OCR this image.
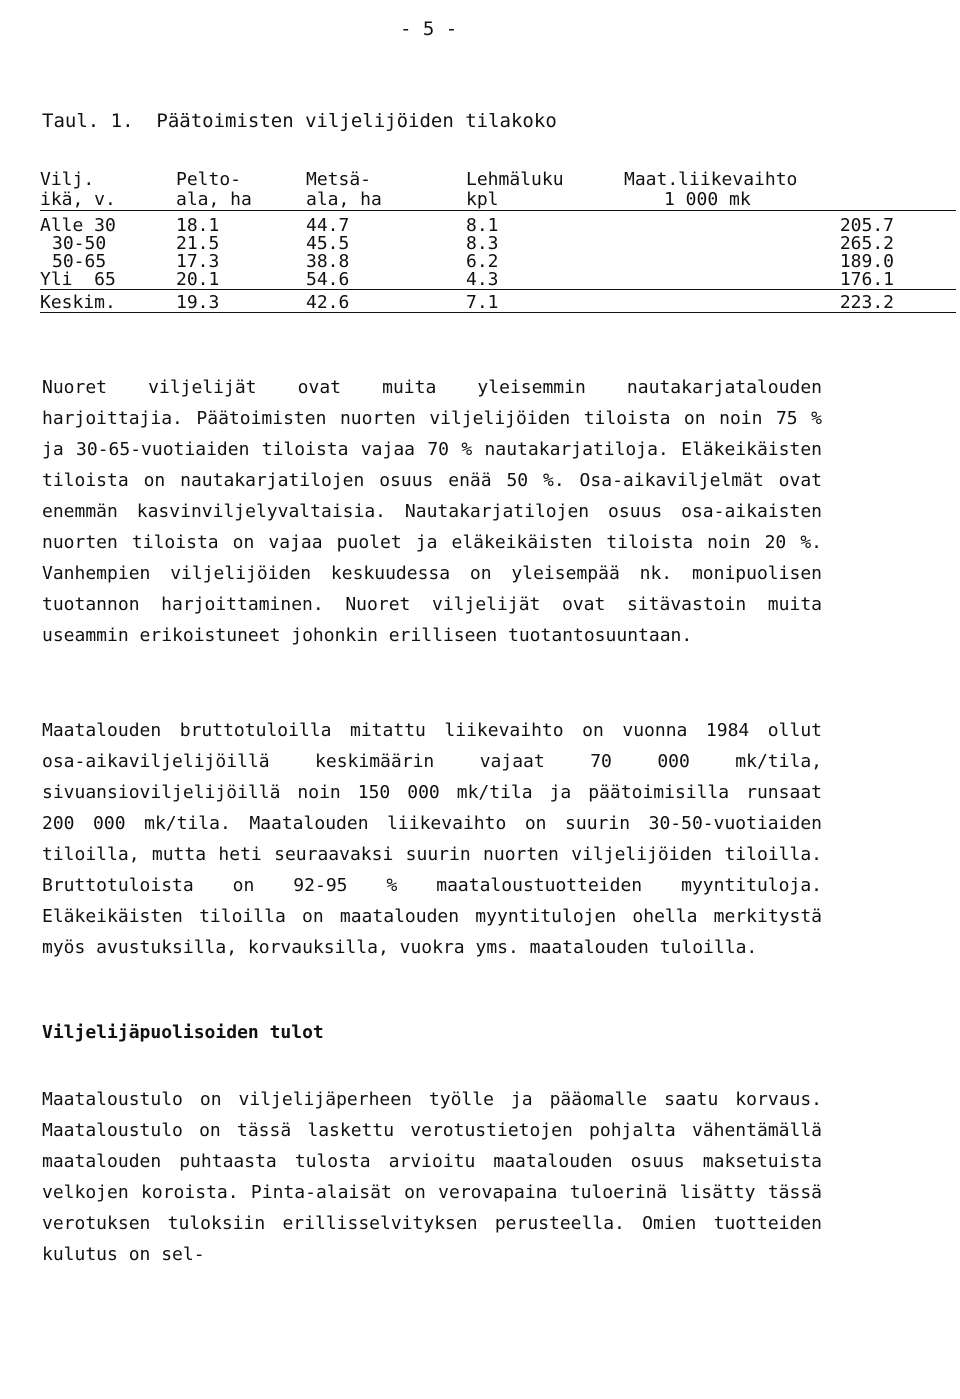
- 5 -
Taul. 1.  Päätoimisten viljelijöiden tilakoko
Vilj.	Pelto-	Metsä-	Lehmäluku	Maat.liikevaihto
ikä, v.	ala, ha	ala, ha	kpl	1 000 mk
Alle 30	18.1	44.7	8.1	205.7
30-50	21.5	45.5	8.3	265.2
50-65	17.3	38.8	6.2	189.0
Yli  65	20.1	54.6	4.3	176.1
Keskim.	19.3	42.6	7.1	223.2

Nuoret viljelijät ovat muita yleisemmin nautakarjatalouden harjoittajia. Päätoimisten nuorten viljelijöiden tiloista on noin 75 % ja 30-65-vuotiaiden tiloista vajaa 70 % nautakarjatiloja. Eläkeikäisten tiloista on nautakarjatilojen osuus enää 50 %. Osa-aikaviljelmät ovat enemmän kasvinviljelyvaltaisia. Nautakarjatilojen osuus osa-aikaisten nuorten tiloista on vajaa puolet ja eläkeikäisten tiloista noin 20 %. Vanhempien viljelijöiden keskuudessa on yleisempää nk. monipuolisen tuotannon harjoittaminen. Nuoret viljelijät ovat sitävastoin muita useammin erikoistuneet johonkin erilliseen tuotantosuuntaan.

Maatalouden bruttotuloilla mitattu liikevaihto on vuonna 1984 ollut osa-aikaviljelijöillä keskimäärin vajaat 70 000 mk/tila, sivuansioviljelijöillä noin 150 000 mk/tila ja päätoimisilla runsaat 200 000 mk/tila. Maatalouden liikevaihto on suurin 30-50-vuotiaiden tiloilla, mutta heti seuraavaksi suurin nuorten viljelijöiden tiloilla. Bruttotuloista on 92-95 % maataloustuotteiden myyntituloja. Eläkeikäisten tiloilla on maatalouden myyntitulojen ohella merkitystä myös avustuksilla, korvauksilla, vuokra yms. maatalouden tuloilla.

Viljelijäpuolisoiden tulot

Maataloustulo on viljelijäperheen työlle ja pääomalle saatu korvaus. Maataloustulo on tässä laskettu verotustietojen pohjalta vähentämällä maatalouden puhtaasta tulosta arvioitu maatalouden osuus maksetuista velkojen koroista. Pinta-alaisät on verovapaina tuloerinä lisätty tässä verotuksen tuloksiin erillisselvityksen perusteella. Omien tuotteiden kulutus on sel-
